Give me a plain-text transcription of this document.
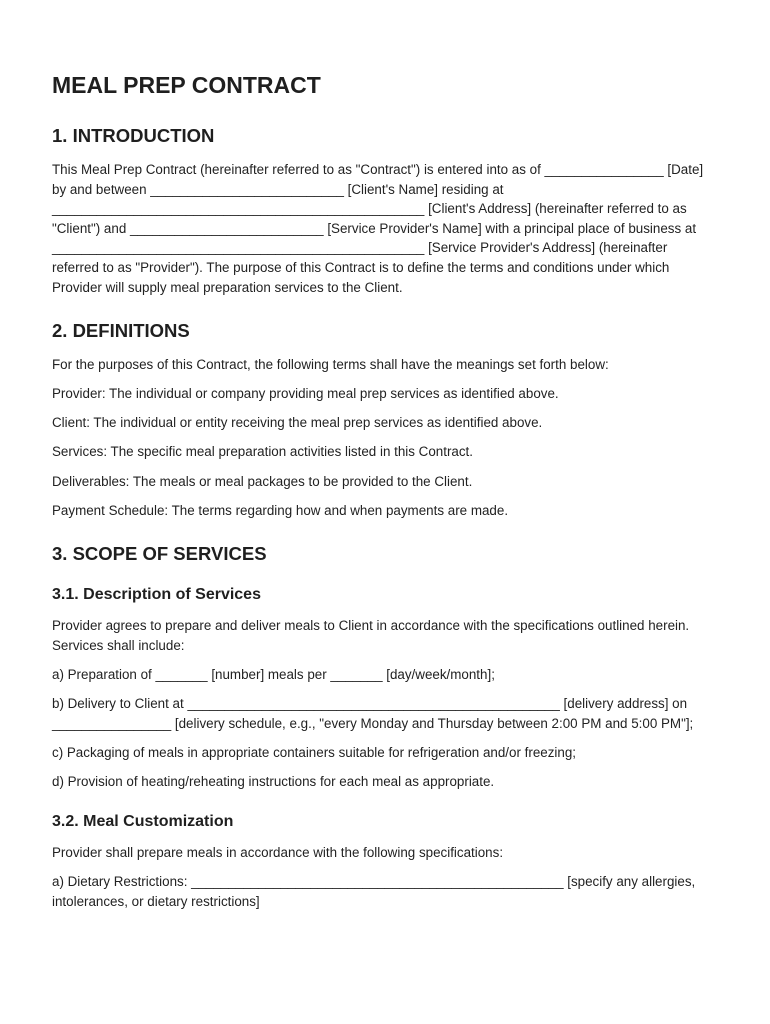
MEAL PREP CONTRACT
1. INTRODUCTION

This Meal Prep Contract (hereinafter referred to as "Contract") is entered into as of ________________ [Date] by and between __________________________ [Client's Name] residing at __________________________________________________ [Client's Address] (hereinafter referred to as "Client") and __________________________ [Service Provider's Name] with a principal place of business at __________________________________________________ [Service Provider's Address] (hereinafter referred to as "Provider"). The purpose of this Contract is to define the terms and conditions under which Provider will supply meal preparation services to the Client.

2. DEFINITIONS

For the purposes of this Contract, the following terms shall have the meanings set forth below:

Provider: The individual or company providing meal prep services as identified above.

Client: The individual or entity receiving the meal prep services as identified above.

Services: The specific meal preparation activities listed in this Contract.

Deliverables: The meals or meal packages to be provided to the Client.

Payment Schedule: The terms regarding how and when payments are made.

3. SCOPE OF SERVICES
3.1. Description of Services

Provider agrees to prepare and deliver meals to Client in accordance with the specifications outlined herein. Services shall include:

a) Preparation of _______ [number] meals per _______ [day/week/month];

b) Delivery to Client at __________________________________________________ [delivery address] on ________________ [delivery schedule, e.g., "every Monday and Thursday between 2:00 PM and 5:00 PM"];

c) Packaging of meals in appropriate containers suitable for refrigeration and/or freezing;

d) Provision of heating/reheating instructions for each meal as appropriate.

3.2. Meal Customization

Provider shall prepare meals in accordance with the following specifications:

a) Dietary Restrictions: __________________________________________________ [specify any allergies, intolerances, or dietary restrictions]
